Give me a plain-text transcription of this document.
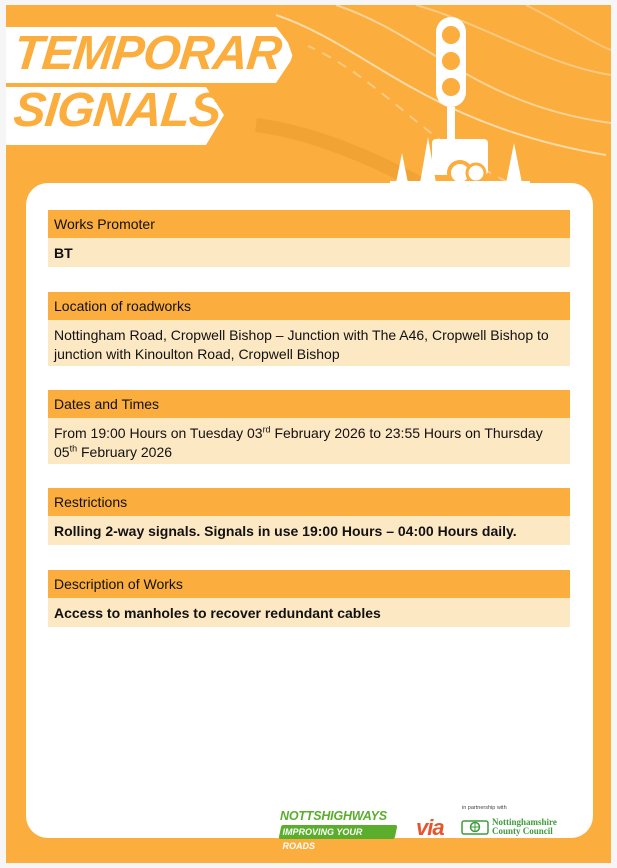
TEMPORARY
SIGNALS
Works Promoter
BT
Location of roadworks
Nottingham Road, Cropwell Bishop – Junction with The A46, Cropwell Bishop to junction with Kinoulton Road, Cropwell Bishop
Dates and Times
From 19:00 Hours on Tuesday 03rd February 2026 to 23:55 Hours on Thursday 05th February 2026
Restrictions
Rolling 2-way signals. Signals in use 19:00 Hours – 04:00 Hours daily.
Description of Works
Access to manholes to recover redundant cables
NOTTSHIGHWAYS
IMPROVING YOUR ROADS
via
in partnership with
Nottinghamshire
County Council
